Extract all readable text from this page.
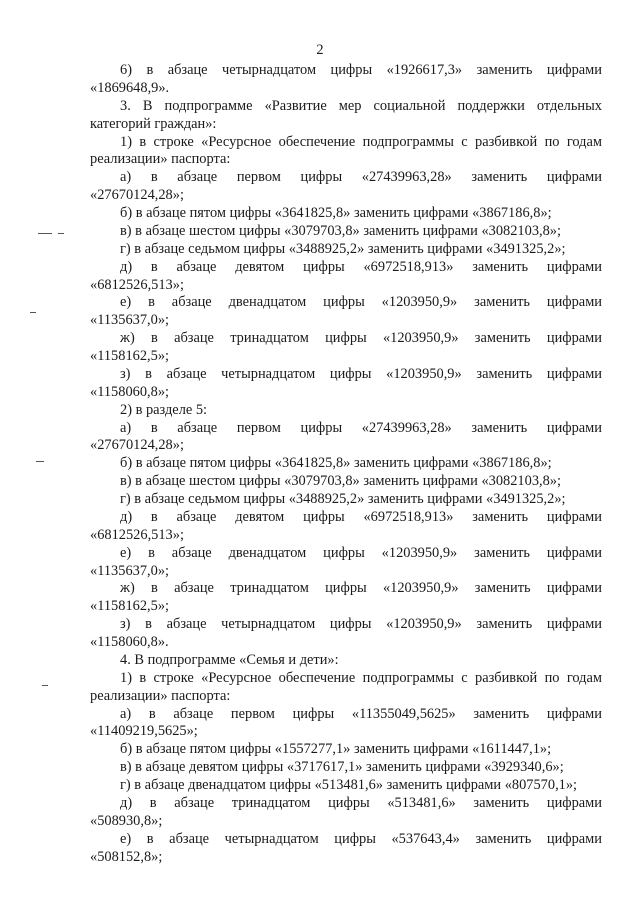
2
6) в абзаце четырнадцатом цифры «1926617,3» заменить цифрами
«1869648,9».
3. В подпрограмме «Развитие мер социальной поддержки отдельных
категорий граждан»:
1) в строке «Ресурсное обеспечение подпрограммы с разбивкой по годам
реализации» паспорта:
а) в абзаце первом цифры «27439963,28» заменить цифрами
«27670124,28»;
б) в абзаце пятом цифры «3641825,8» заменить цифрами «3867186,8»;
в) в абзаце шестом цифры «3079703,8» заменить цифрами «3082103,8»;
г) в абзаце седьмом цифры «3488925,2» заменить цифрами «3491325,2»;
д) в абзаце девятом цифры «6972518,913» заменить цифрами
«6812526,513»;
е) в абзаце двенадцатом цифры «1203950,9» заменить цифрами
«1135637,0»;
ж) в абзаце тринадцатом цифры «1203950,9» заменить цифрами
«1158162,5»;
з) в абзаце четырнадцатом цифры «1203950,9» заменить цифрами
«1158060,8»;
2) в разделе 5:
а) в абзаце первом цифры «27439963,28» заменить цифрами
«27670124,28»;
б) в абзаце пятом цифры «3641825,8» заменить цифрами «3867186,8»;
в) в абзаце шестом цифры «3079703,8» заменить цифрами «3082103,8»;
г) в абзаце седьмом цифры «3488925,2» заменить цифрами «3491325,2»;
д) в абзаце девятом цифры «6972518,913» заменить цифрами
«6812526,513»;
е) в абзаце двенадцатом цифры «1203950,9» заменить цифрами
«1135637,0»;
ж) в абзаце тринадцатом цифры «1203950,9» заменить цифрами
«1158162,5»;
з) в абзаце четырнадцатом цифры «1203950,9» заменить цифрами
«1158060,8».
4. В подпрограмме «Семья и дети»:
1) в строке «Ресурсное обеспечение подпрограммы с разбивкой по годам
реализации» паспорта:
а) в абзаце первом цифры «11355049,5625» заменить цифрами
«11409219,5625»;
б) в абзаце пятом цифры «1557277,1» заменить цифрами «1611447,1»;
в) в абзаце девятом цифры «3717617,1» заменить цифрами «3929340,6»;
г) в абзаце двенадцатом цифры «513481,6» заменить цифрами «807570,1»;
д) в абзаце тринадцатом цифры «513481,6» заменить цифрами
«508930,8»;
е) в абзаце четырнадцатом цифры «537643,4» заменить цифрами
«508152,8»;
